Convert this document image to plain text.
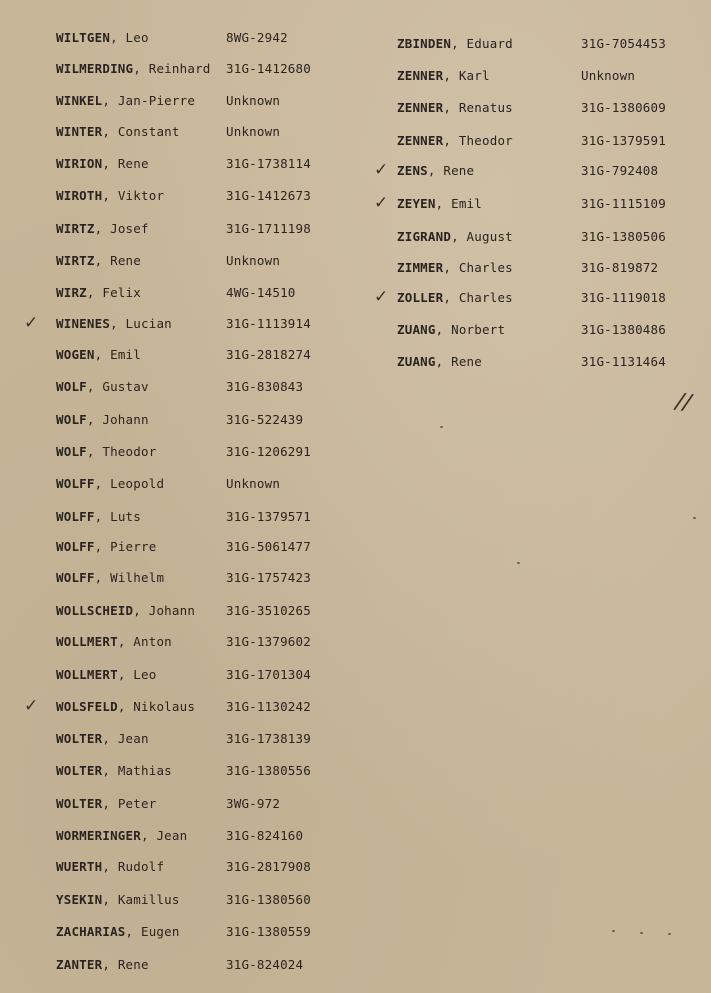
//
WILTGEN, Leo	8WG-2942
WILMERDING, Reinhard	31G-1412680
WINKEL, Jan-Pierre	Unknown
WINTER, Constant	Unknown
WIRION, Rene	31G-1738114
WIROTH, Viktor	31G-1412673
WIRTZ, Josef	31G-1711198
WIRTZ, Rene	Unknown
WIRZ, Felix	4WG-14510
WINENES, Lucian	31G-1113914
✓
WOGEN, Emil	31G-2818274
WOLF, Gustav	31G-830843
WOLF, Johann	31G-522439
WOLF, Theodor	31G-1206291
WOLFF, Leopold	Unknown
WOLFF, Luts	31G-1379571
WOLFF, Pierre	31G-5061477
WOLFF, Wilhelm	31G-1757423
WOLLSCHEID, Johann	31G-3510265
WOLLMERT, Anton	31G-1379602
WOLLMERT, Leo	31G-1701304
WOLSFELD, Nikolaus	31G-1130242
✓
WOLTER, Jean	31G-1738139
WOLTER, Mathias	31G-1380556
WOLTER, Peter	3WG-972
WORMERINGER, Jean	31G-824160
WUERTH, Rudolf	31G-2817908
YSEKIN, Kamillus	31G-1380560
ZACHARIAS, Eugen	31G-1380559
ZANTER, Rene	31G-824024
ZBINDEN, Eduard	31G-7054453
ZENNER, Karl	Unknown
ZENNER, Renatus	31G-1380609
ZENNER, Theodor	31G-1379591
ZENS, Rene	31G-792408
✓
ZEYEN, Emil	31G-1115109
✓
ZIGRAND, August	31G-1380506
ZIMMER, Charles	31G-819872
ZOLLER, Charles	31G-1119018
✓
ZUANG, Norbert	31G-1380486
ZUANG, Rene	31G-1131464
